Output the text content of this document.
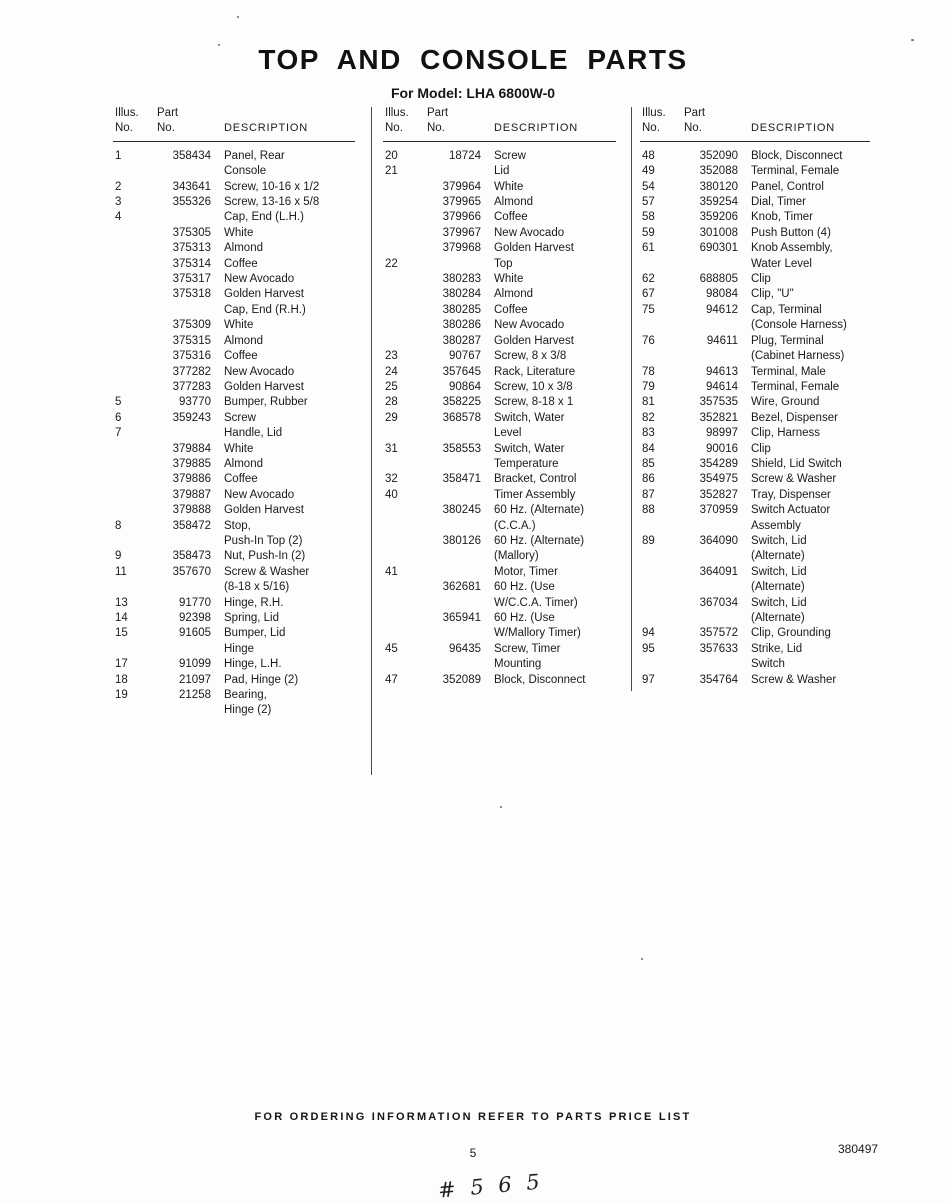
TOP AND CONSOLE PARTS
For Model: LHA 6800W-0
Illus.	Part
No.	No.	DESCRIPTION
1	358434	Panel, Rear
Console
2	343641	Screw, 10-16 x 1/2
3	355326	Screw, 13-16 x 5/8
4	Cap, End (L.H.)
375305	White
375313	Almond
375314	Coffee
375317	New Avocado
375318	Golden Harvest
Cap, End (R.H.)
375309	White
375315	Almond
375316	Coffee
377282	New Avocado
377283	Golden Harvest
5	93770	Bumper, Rubber
6	359243	Screw
7	Handle, Lid
379884	White
379885	Almond
379886	Coffee
379887	New Avocado
379888	Golden Harvest
8	358472	Stop,
Push-In Top (2)
9	358473	Nut, Push-In (2)
11	357670	Screw & Washer
(8-18 x 5/16)
13	91770	Hinge, R.H.
14	92398	Spring, Lid
15	91605	Bumper, Lid
Hinge
17	91099	Hinge, L.H.
18	21097	Pad, Hinge (2)
19	21258	Bearing,
Hinge (2)
Illus.	Part
No.	No.	DESCRIPTION
20	18724	Screw
21	Lid
379964	White
379965	Almond
379966	Coffee
379967	New Avocado
379968	Golden Harvest
22	Top
380283	White
380284	Almond
380285	Coffee
380286	New Avocado
380287	Golden Harvest
23	90767	Screw, 8 x 3/8
24	357645	Rack, Literature
25	90864	Screw, 10 x 3/8
28	358225	Screw, 8-18 x 1
29	368578	Switch, Water
Level
31	358553	Switch, Water
Temperature
32	358471	Bracket, Control
40	Timer Assembly
380245	60 Hz. (Alternate)
(C.C.A.)
380126	60 Hz. (Alternate)
(Mallory)
41	Motor, Timer
362681	60 Hz. (Use
W/C.C.A. Timer)
365941	60 Hz. (Use
W/Mallory Timer)
45	96435	Screw, Timer
Mounting
47	352089	Block, Disconnect
Illus.	Part
No.	No.	DESCRIPTION
48	352090	Block, Disconnect
49	352088	Terminal, Female
54	380120	Panel, Control
57	359254	Dial, Timer
58	359206	Knob, Timer
59	301008	Push Button (4)
61	690301	Knob Assembly,
Water Level
62	688805	Clip
67	98084	Clip, "U"
75	94612	Cap, Terminal
(Console Harness)
76	94611	Plug, Terminal
(Cabinet Harness)
78	94613	Terminal, Male
79	94614	Terminal, Female
81	357535	Wire, Ground
82	352821	Bezel, Dispenser
83	98997	Clip, Harness
84	90016	Clip
85	354289	Shield, Lid Switch
86	354975	Screw & Washer
87	352827	Tray, Dispenser
88	370959	Switch Actuator
Assembly
89	364090	Switch, Lid
(Alternate)
364091	Switch, Lid
(Alternate)
367034	Switch, Lid
(Alternate)
94	357572	Clip, Grounding
95	357633	Strike, Lid
Switch
97	354764	Screw & Washer
FOR ORDERING INFORMATION REFER TO PARTS PRICE LIST
5	380497
# 5 6 5
